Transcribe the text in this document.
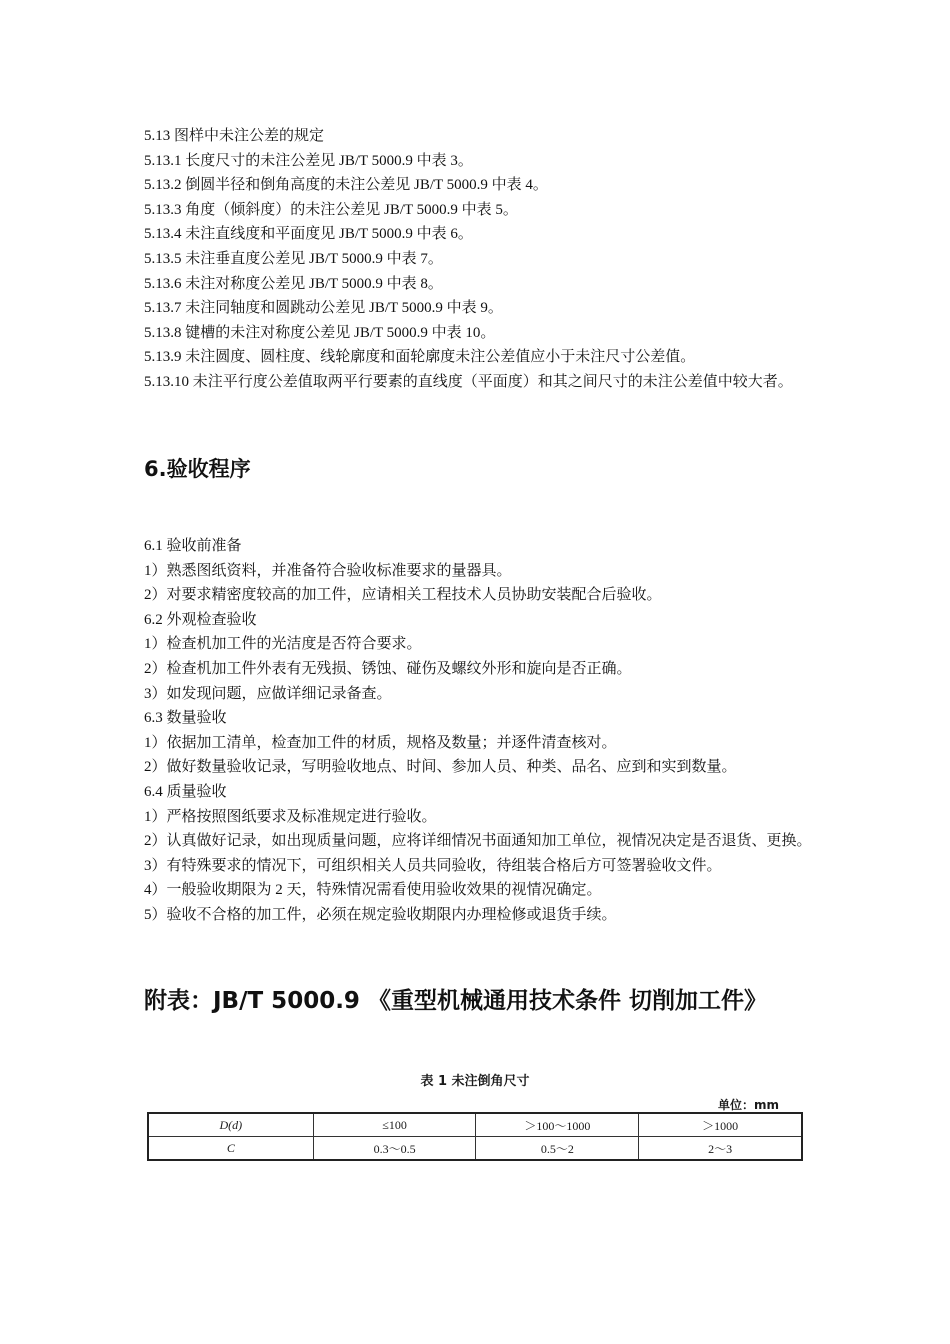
5.13 图样中未注公差的规定

5.13.1 长度尺寸的未注公差见 JB/T 5000.9 中表 3。

5.13.2 倒圆半径和倒角高度的未注公差见 JB/T 5000.9 中表 4。

5.13.3 角度（倾斜度）的未注公差见 JB/T 5000.9 中表 5。

5.13.4 未注直线度和平面度见 JB/T 5000.9 中表 6。

5.13.5 未注垂直度公差见 JB/T 5000.9 中表 7。

5.13.6 未注对称度公差见 JB/T 5000.9 中表 8。

5.13.7 未注同轴度和圆跳动公差见 JB/T 5000.9 中表 9。

5.13.8 键槽的未注对称度公差见 JB/T 5000.9 中表 10。

5.13.9 未注圆度、圆柱度、线轮廓度和面轮廓度未注公差值应小于未注尺寸公差值。

5.13.10 未注平行度公差值取两平行要素的直线度（平面度）和其之间尺寸的未注公差值中较大者。

6.验收程序

6.1 验收前准备

1）熟悉图纸资料，并准备符合验收标准要求的量器具。

2）对要求精密度较高的加工件，应请相关工程技术人员协助安装配合后验收。

6.2 外观检查验收

1）检查机加工件的光洁度是否符合要求。

2）检查机加工件外表有无残损、锈蚀、碰伤及螺纹外形和旋向是否正确。

3）如发现问题，应做详细记录备查。

6.3 数量验收

1）依据加工清单，检查加工件的材质，规格及数量；并逐件清查核对。

2）做好数量验收记录，写明验收地点、时间、参加人员、种类、品名、应到和实到数量。

6.4 质量验收

1）严格按照图纸要求及标准规定进行验收。

2）认真做好记录，如出现质量问题，应将详细情况书面通知加工单位，视情况决定是否退货、更换。

3）有特殊要求的情况下，可组织相关人员共同验收，待组装合格后方可签署验收文件。

4）一般验收期限为 2 天，特殊情况需看使用验收效果的视情况确定。

5）验收不合格的加工件，必须在规定验收期限内办理检修或退货手续。

附表：JB/T 5000.9 《重型机械通用技术条件 切削加工件》
表 1 未注倒角尺寸
单位：mm
D(d)	≤100	＞100～1000	＞1000
C	0.3～0.5	0.5～2	2～3
